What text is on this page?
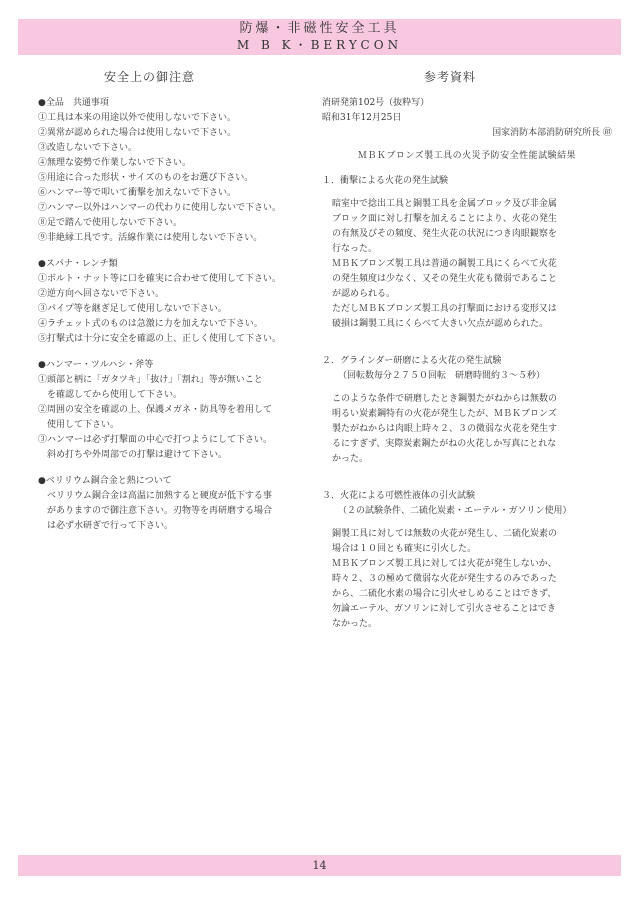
防爆・非磁性安全工具
M B K・BERYCON
安全上の御注意	参考資料
●全品　共通事項
①工具は本来の用途以外で使用しないで下さい。
②異常が認められた場合は使用しないで下さい。
③改造しないで下さい。
④無理な姿勢で作業しないで下さい。
⑤用途に合った形状・サイズのものをお選び下さい。
⑥ハンマー等で叩いて衝撃を加えないで下さい。
⑦ハンマー以外はハンマーの代わりに使用しないで下さい。
⑧足で踏んで使用しないで下さい。
⑨非絶縁工具です。活線作業には使用しないで下さい。
●スパナ・レンチ類
①ボルト・ナット等に口を確実に合わせて使用して下さい。
②逆方向へ回さないで下さい。
③パイプ等を継ぎ足して使用しないで下さい。
④ラチェット式のものは急激に力を加えないで下さい。
⑤打撃式は十分に安全を確認の上、正しく使用して下さい。
●ハンマー・ツルハシ・斧等
①頭部と柄に「ガタツキ」「抜け」「割れ」等が無いこと
　を確認してから使用して下さい。
②周囲の安全を確認の上、保護メガネ・防具等を着用して
　使用して下さい。
③ハンマーは必ず打撃面の中心で打つようにして下さい。
　斜め打ちや外周部での打撃は避けて下さい。
●ベリリウム銅合金と熱について
　ベリリウム銅合金は高温に加熱すると硬度が低下する事
　がありますので御注意下さい。刃物等を再研磨する場合
　は必ず水研ぎで行って下さい。
消研発第102号（抜粋写）
昭和31年12月25日
国家消防本部消防研究所長 ㊞
ＭＢＫブロンズ製工具の火災予防安全性能試験結果
１．衝撃による火花の発生試験
暗室中で捻出工具と銅製工具を金属ブロック及び非金属
ブロック面に対し打撃を加えることにより、火花の発生
の有無及びその頻度、発生火花の状況につき肉眼観察を
行なった。
ＭＢＫブロンズ製工具は普通の鋼製工具にくらべて火花
の発生頻度は少なく、又その発生火花も微弱であること
が認められる。
ただしＭＢＫブロンズ製工具の打撃面における変形又は
破損は鋼製工具にくらべて大きい欠点が認められた。
２．グラインダー研磨による火花の発生試験
（回転数毎分２７５０回転　研磨時間約３～５秒）
このような条件で研磨したとき鋼製たがねからは無数の
明るい炭素鋼特有の火花が発生したが、ＭＢＫブロンズ
製たがねからは肉眼上時々２、３の微弱な火花を発生す
るにすぎず、実際炭素鋼たがねの火花しか写真にとれな
かった。
３．火花による可燃性液体の引火試験
（２の試験条件、二硫化炭素・エーテル・ガソリン使用）
銅製工具に対しては無数の火花が発生し、二硫化炭素の
場合は１０回とも確実に引火した。
ＭＢＫブロンズ製工具に対しては火花が発生しないか、
時々２、３の極めて微弱な火花が発生するのみであった
から、二硫化水素の場合に引火せしめることはできず、
勿論エーテル、ガソリンに対して引火させることはでき
なかった。
14
